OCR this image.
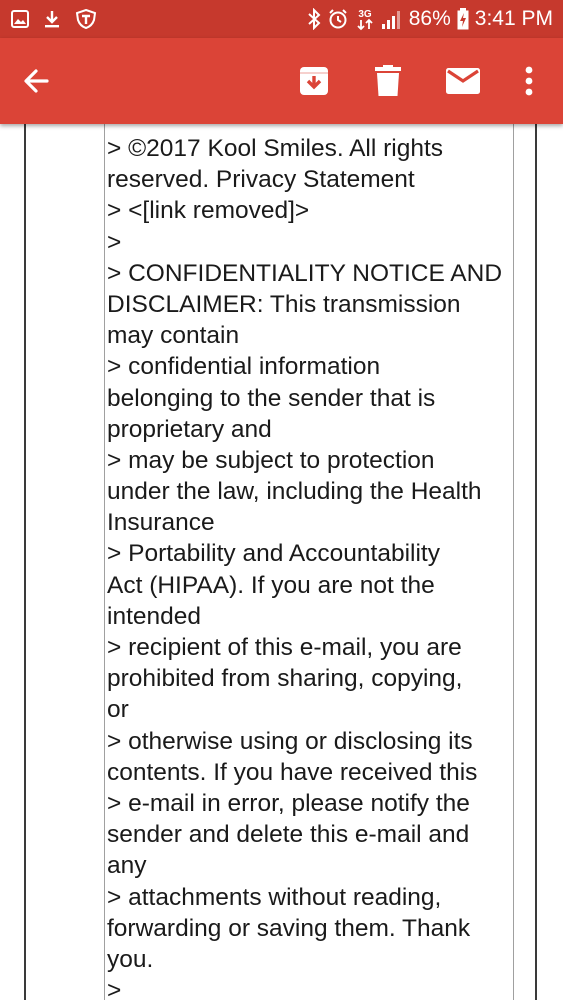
3G 86% 3:41 PM
> ©2017 Kool Smiles. All rights
reserved. Privacy Statement
> <[link removed]>
>
> CONFIDENTIALITY NOTICE AND
DISCLAIMER: This transmission
may contain
> confidential information
belonging to the sender that is
proprietary and
> may be subject to protection
under the law, including the Health
Insurance
> Portability and Accountability
Act (HIPAA). If you are not the
intended
> recipient of this e-mail, you are
prohibited from sharing, copying,
or
> otherwise using or disclosing its
contents. If you have received this
> e-mail in error, please notify the
sender and delete this e-mail and
any
> attachments without reading,
forwarding or saving them. Thank
you.
>
